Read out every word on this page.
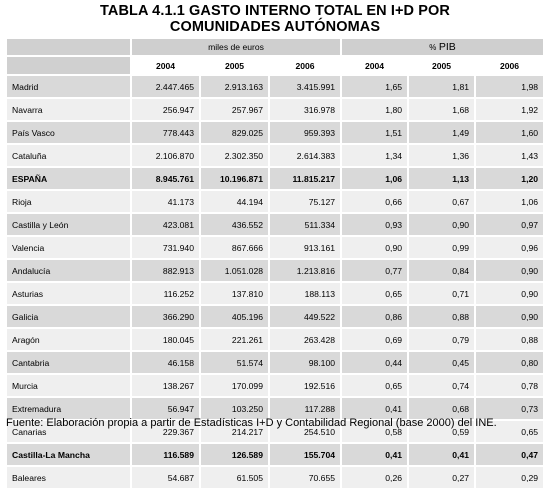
TABLA 4.1.1 GASTO INTERNO TOTAL EN I+D POR
COMUNIDADES AUTÓNOMAS
	miles de euros			% PIB		
	2004	2005	2006	2004	2005	2006
Madrid	2.447.465	2.913.163	3.415.991	1,65	1,81	1,98
Navarra	256.947	257.967	316.978	1,80	1,68	1,92
País Vasco	778.443	829.025	959.393	1,51	1,49	1,60
Cataluña	2.106.870	2.302.350	2.614.383	1,34	1,36	1,43
ESPAÑA	8.945.761	10.196.871	11.815.217	1,06	1,13	1,20
Rioja	41.173	44.194	75.127	0,66	0,67	1,06
Castilla y León	423.081	436.552	511.334	0,93	0,90	0,97
Valencia	731.940	867.666	913.161	0,90	0,99	0,96
Andalucía	882.913	1.051.028	1.213.816	0,77	0,84	0,90
Asturias	116.252	137.810	188.113	0,65	0,71	0,90
Galicia	366.290	405.196	449.522	0,86	0,88	0,90
Aragón	180.045	221.261	263.428	0,69	0,79	0,88
Cantabria	46.158	51.574	98.100	0,44	0,45	0,80
Murcia	138.267	170.099	192.516	0,65	0,74	0,78
Extremadura	56.947	103.250	117.288	0,41	0,68	0,73
Canarias	229.367	214.217	254.510	0,58	0,59	0,65
Castilla-La Mancha	116.589	126.589	155.704	0,41	0,41	0,47
Baleares	54.687	61.505	70.655	0,26	0,27	0,29
Fuente: Elaboración propia a partir de Estadísticas I+D y Contabilidad Regional (base 2000) del INE.
